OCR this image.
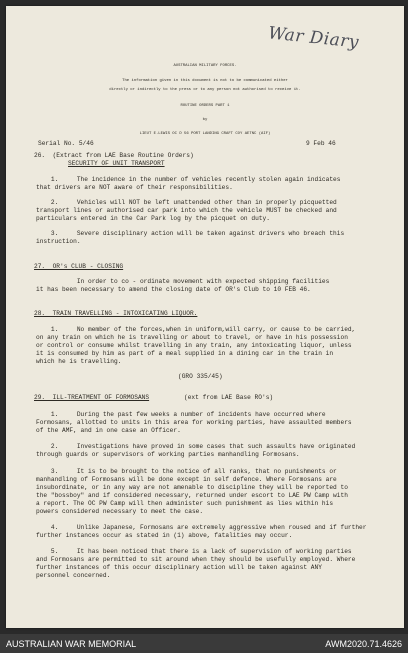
War Diary
AUSTRALIAN MILITARY FORCES.
The information given in this document is not to be communicated either
directly or indirectly to the press or to any person not authorised to receive it.
ROUTINE ORDERS PART 1
by
LIEUT E.LEWIS OC D 56 PORT LANDING CRAFT COY AETNC (AIF)
Serial No. 5/46	9 Feb 46
26.  (Extract from LAE Base Routine Orders)
SECURITY OF UNIT TRANSPORT
1.     The incidence in the number of vehicles recently stolen again indicates
that drivers are NOT aware of their responsibilities.
2.     Vehicles will NOT be left unattended other than in properly picquetted
transport lines or authorised car park into which the vehicle MUST be checked and
particulars entered in the Car Park log by the picquet on duty.
3.     Severe disciplinary action will be taken against drivers who breach this
instruction.
27.  OR's CLUB - CLOSING
In order to co - ordinate movement with expected shipping facilities
it has been necessary to amend the closing date of OR's Club to 10 FEB 46.
28.  TRAIN TRAVELLING - INTOXICATING LIQUOR.
1.     No member of the forces,when in uniform,will carry, or cause to be carried,
on any train on which he is travelling or about to travel, or have in his possession
or control or consume whilst travelling in any train, any intoxicating liquor, unless
it is consumed by him as part of a meal supplied in a dining car in the train in
which he is travelling.
(GRO 335/45)
29.  ILL-TREATMENT OF FORMOSANS	(ext from LAE Base RO's)
1.     During the past few weeks a number of incidents have occurred where
Formosans, allotted to units in this area for working parties, have assaulted members
of the AMF, and in one case an Officer.
2.     Investigations have proved in some cases that such assaults have originated
through guards or supervisors of working parties manhandling Formosans.
3.     It is to be brought to the notice of all ranks, that no punishments or
manhandling of Formosans will be done except in self defence. Where Formosans are
insubordinate, or in any way are not amenable to discipline they will be reported to
the "bossboy" and if considered necessary, returned under escort to LAE PW Camp with
a report. The OC PW Camp will then administer such punishment as lies within his
powers considered necessary to meet the case.
4.     Unlike Japanese, Formosans are extremely aggressive when roused and if further
further instances occur as stated in (1) above, fatalities may occur.
5.     It has been noticed that there is a lack of supervision of working parties
and Formosans are permitted to sit around when they should be usefully employed. Where
further instances of this occur disciplinary action will be taken against ANY
personnel concerned.
AUSTRALIAN WAR MEMORIAL	AWM2020.71.4626
